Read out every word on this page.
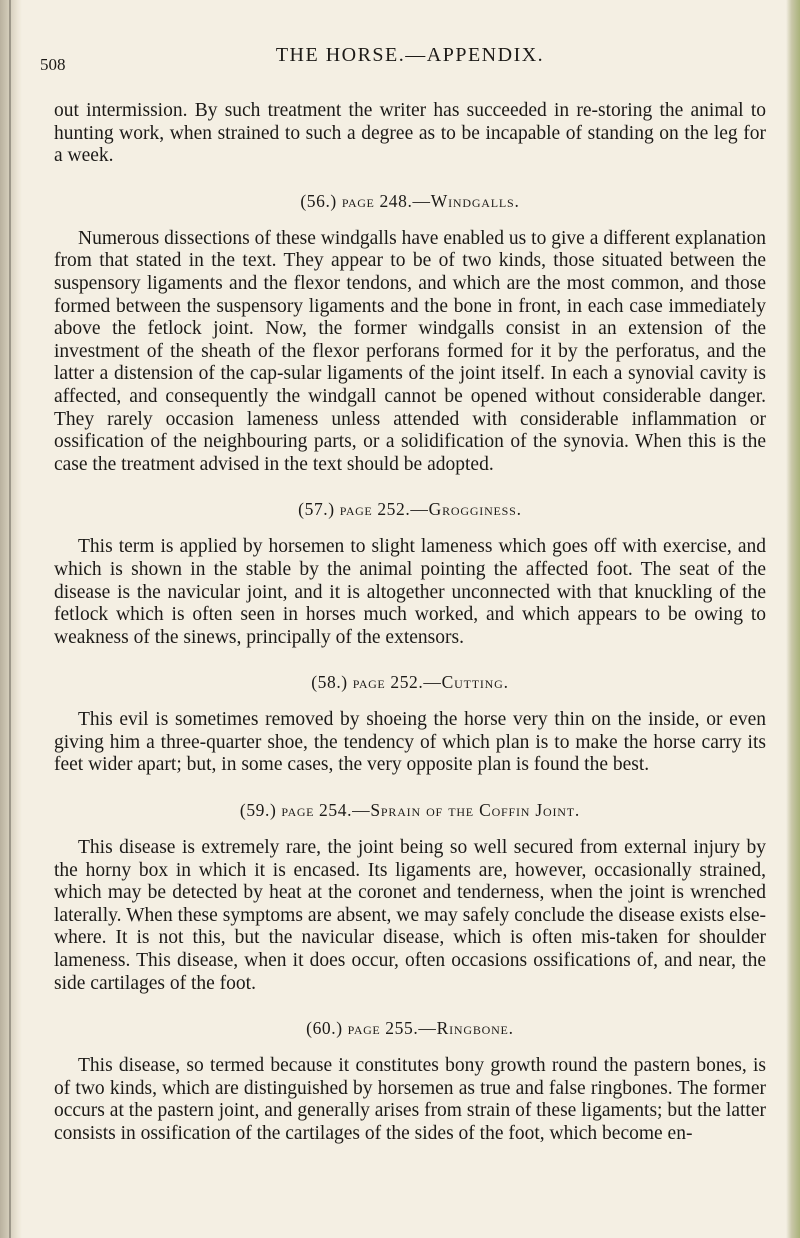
508	THE HORSE.—APPENDIX.

out intermission. By such treatment the writer has succeeded in re-storing the animal to hunting work, when strained to such a degree as to be incapable of standing on the leg for a week.

(56.) page 248.—Windgalls.

Numerous dissections of these windgalls have enabled us to give a different explanation from that stated in the text. They appear to be of two kinds, those situated between the suspensory ligaments and the flexor tendons, and which are the most common, and those formed between the suspensory ligaments and the bone in front, in each case immediately above the fetlock joint. Now, the former windgalls consist in an extension of the investment of the sheath of the flexor perforans formed for it by the perforatus, and the latter a distension of the cap-sular ligaments of the joint itself. In each a synovial cavity is affected, and consequently the windgall cannot be opened without considerable danger. They rarely occasion lameness unless attended with considerable inflammation or ossification of the neighbouring parts, or a solidification of the synovia. When this is the case the treatment advised in the text should be adopted.

(57.) page 252.—Grogginess.

This term is applied by horsemen to slight lameness which goes off with exercise, and which is shown in the stable by the animal pointing the affected foot. The seat of the disease is the navicular joint, and it is altogether unconnected with that knuckling of the fetlock which is often seen in horses much worked, and which appears to be owing to weakness of the sinews, principally of the extensors.

(58.) page 252.—Cutting.

This evil is sometimes removed by shoeing the horse very thin on the inside, or even giving him a three-quarter shoe, the tendency of which plan is to make the horse carry its feet wider apart; but, in some cases, the very opposite plan is found the best.

(59.) page 254.—Sprain of the Coffin Joint.

This disease is extremely rare, the joint being so well secured from external injury by the horny box in which it is encased. Its ligaments are, however, occasionally strained, which may be detected by heat at the coronet and tenderness, when the joint is wrenched laterally. When these symptoms are absent, we may safely conclude the disease exists else-where. It is not this, but the navicular disease, which is often mis-taken for shoulder lameness. This disease, when it does occur, often occasions ossifications of, and near, the side cartilages of the foot.

(60.) page 255.—Ringbone.

This disease, so termed because it constitutes bony growth round the pastern bones, is of two kinds, which are distinguished by horsemen as true and false ringbones. The former occurs at the pastern joint, and generally arises from strain of these ligaments; but the latter consists in ossification of the cartilages of the sides of the foot, which become en-
